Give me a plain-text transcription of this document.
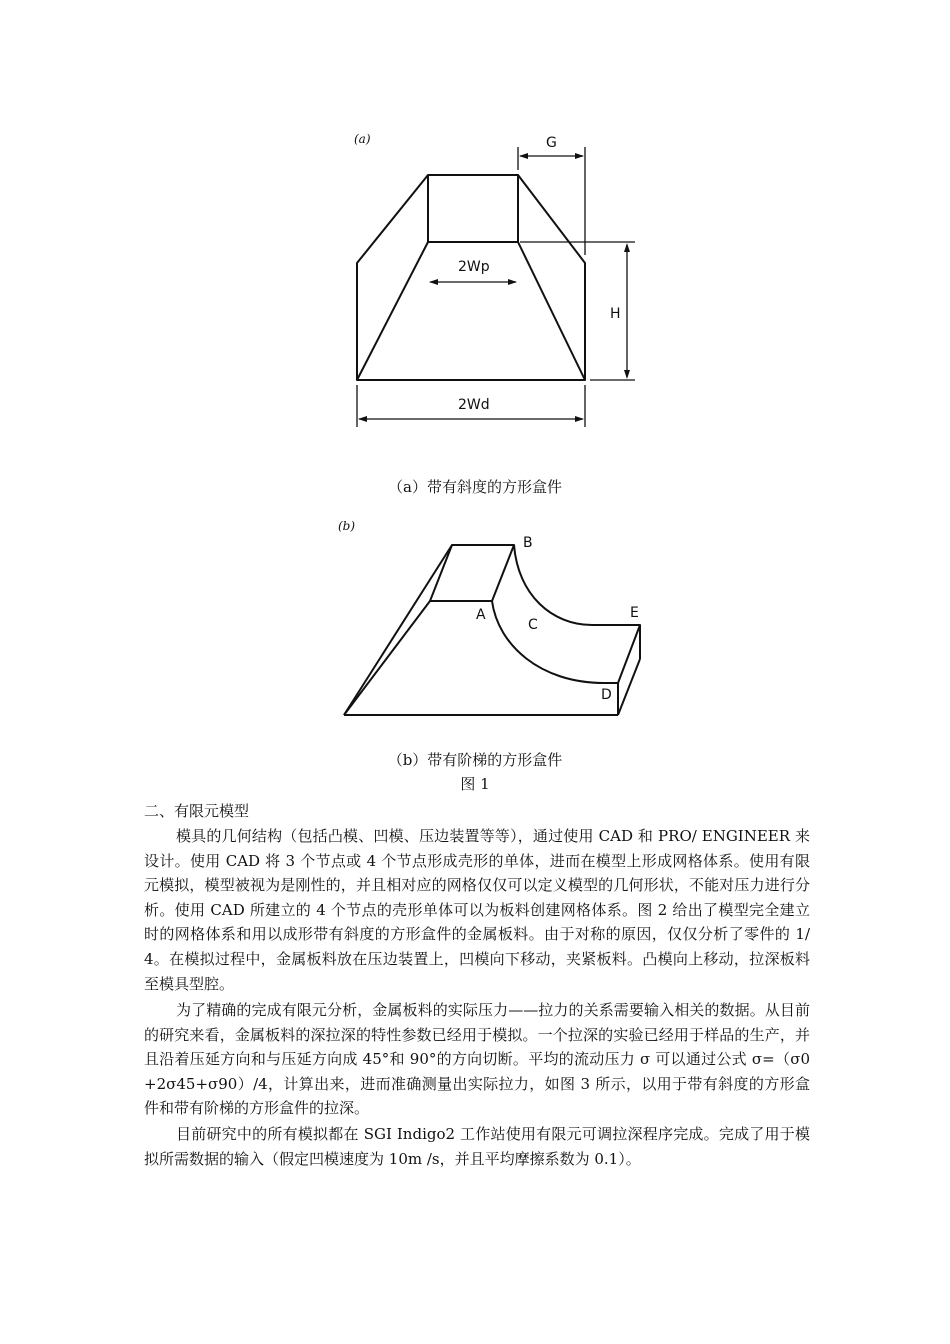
(a)	G
H
2Wp
2Wd
（a）带有斜度的方形盒件
(b)
B
A
C
E
D
（b）带有阶梯的方形盒件
图 1
二、有限元模型

模具的几何结构（包括凸模、凹模、压边装置等等），通过使用 CAD 和 PRO/ ENGINEER 来设计。使用 CAD 将 3 个节点或 4 个节点形成壳形的单体，进而在模型上形成网格体系。使用有限元模拟，模型被视为是刚性的，并且相对应的网格仅仅可以定义模型的几何形状，不能对压力进行分析。使用 CAD 所建立的 4 个节点的壳形单体可以为板料创建网格体系。图 2 给出了模型完全建立时的网格体系和用以成形带有斜度的方形盒件的金属板料。由于对称的原因，仅仅分析了零件的 1/4。在模拟过程中，金属板料放在压边装置上，凹模向下移动，夹紧板料。凸模向上移动，拉深板料至模具型腔。

为了精确的完成有限元分析，金属板料的实际压力——拉力的关系需要输入相关的数据。从目前的研究来看，金属板料的深拉深的特性参数已经用于模拟。一个拉深的实验已经用于样品的生产，并且沿着压延方向和与压延方向成 45°和 90°的方向切断。平均的流动压力 σ 可以通过公式 σ=（σ0+2σ45+σ90）/4，计算出来，进而准确测量出实际拉力，如图 3 所示，以用于带有斜度的方形盒件和带有阶梯的方形盒件的拉深。

目前研究中的所有模拟都在 SGI Indigo2 工作站使用有限元可调拉深程序完成。完成了用于模拟所需数据的输入（假定凹模速度为 10m /s，并且平均摩擦系数为 0.1）。
